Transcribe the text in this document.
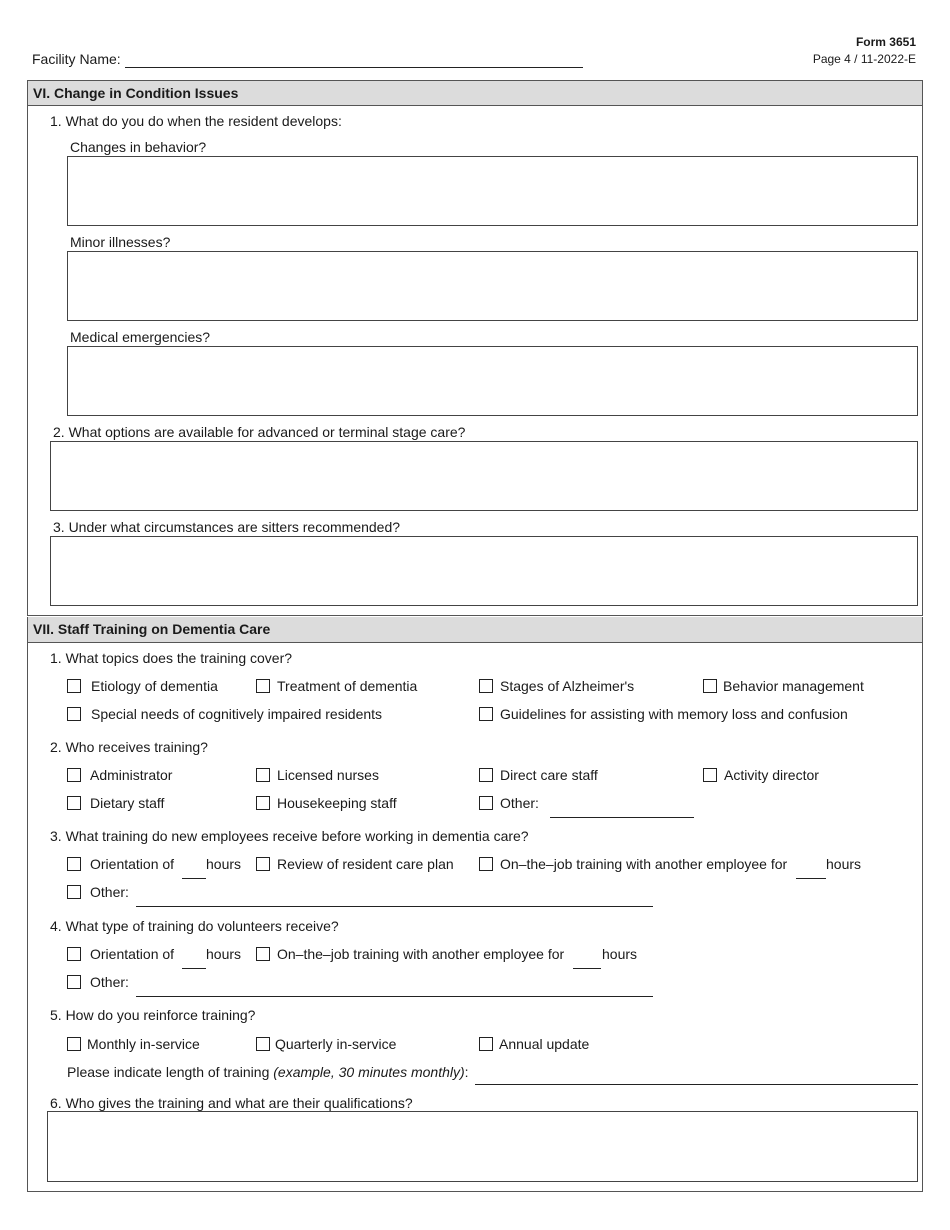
Form 3651
Page 4 / 11-2022-E
Facility Name:
VI. Change in Condition Issues
1. What do you do when the resident develops:
Changes in behavior?
Minor illnesses?
Medical emergencies?
2. What options are available for advanced or terminal stage care?
3. Under what circumstances are sitters recommended?
VII. Staff Training on Dementia Care
1. What topics does the training cover?
Etiology of dementia	Treatment of dementia	Stages of Alzheimer's	Behavior management
Special needs of cognitively impaired residents	Guidelines for assisting with memory loss and confusion
2. Who receives training?
Administrator	Licensed nurses	Direct care staff	Activity director
Dietary staff	Housekeeping staff	Other:
3. What training do new employees receive before working in dementia care?
Orientation of hours	Review of resident care plan	On–the–job training with another employee for	hours
Other:
4. What type of training do volunteers receive?
Orientation of hours	On–the–job training with another employee for	hours
Other:
5. How do you reinforce training?
Monthly in-service	Quarterly in-service	Annual update
Please indicate length of training (example, 30 minutes monthly):
6. Who gives the training and what are their qualifications?
